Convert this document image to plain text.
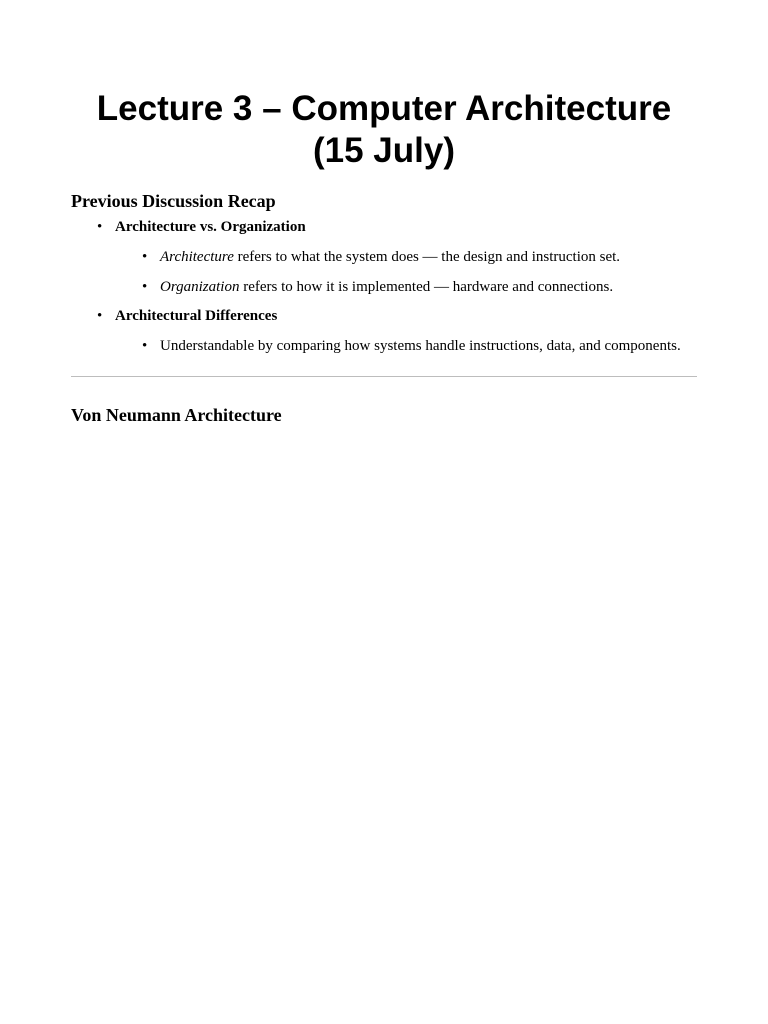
Lecture 3 – Computer Architecture (15 July)
Previous Discussion Recap
• Architecture vs. Organization
• Architecture refers to what the system does — the design and instruction set.
• Organization refers to how it is implemented — hardware and connections.
• Architectural Differences
• Understandable by comparing how systems handle instructions, data, and components.
Von Neumann Architecture
